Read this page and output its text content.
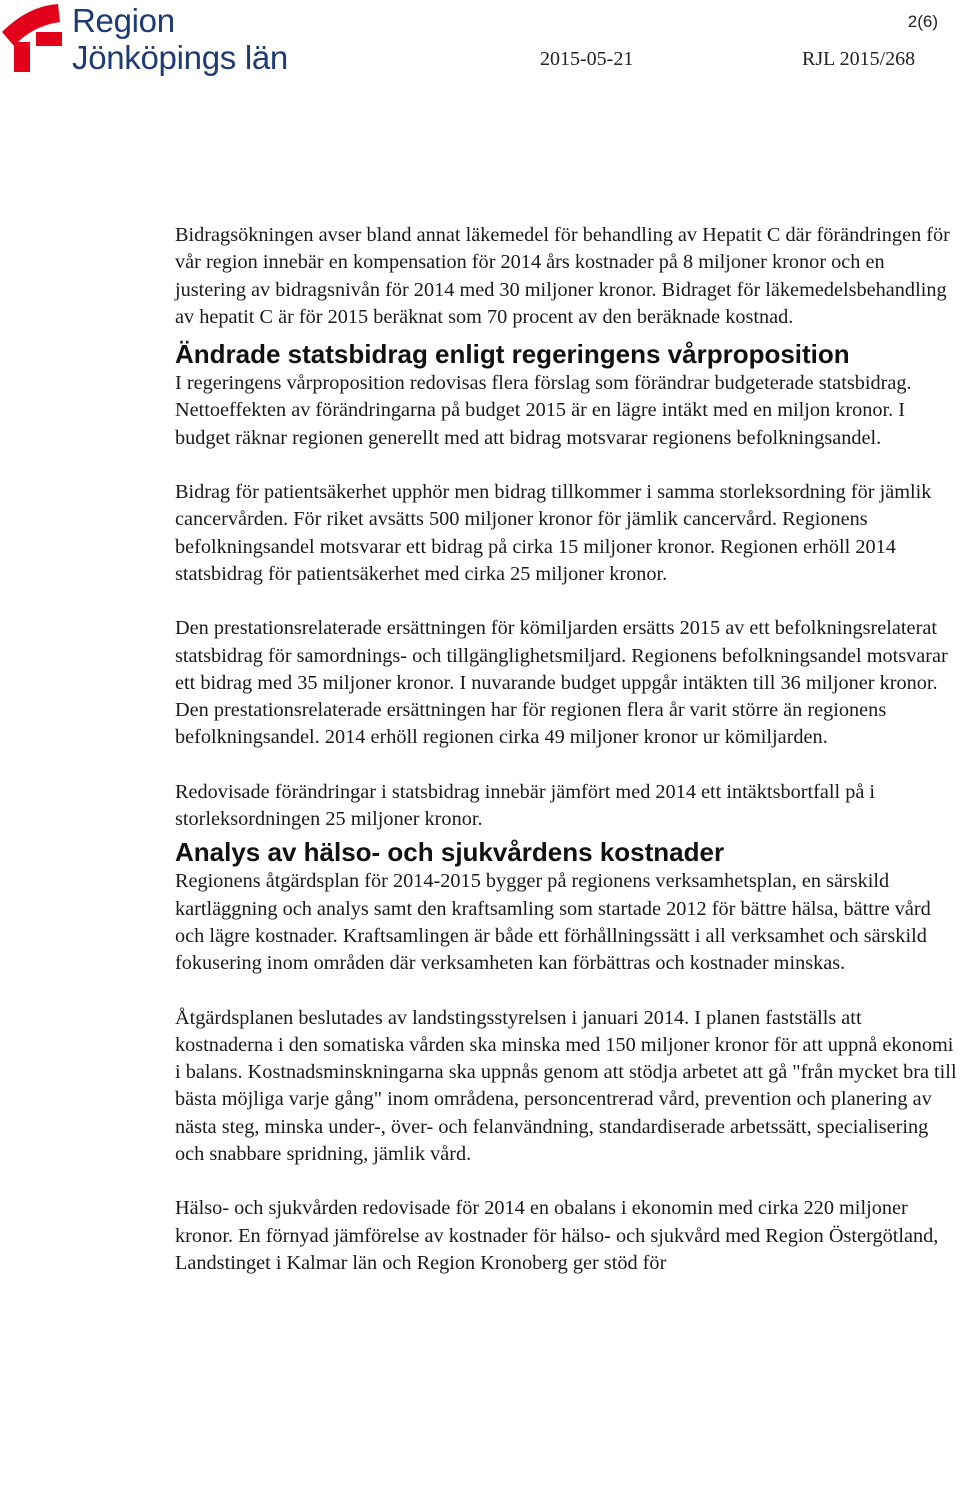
Region
Jönköpings län
2(6)
2015-05-21	RJL 2015/268

Bidragsökningen avser bland annat läkemedel för behandling av Hepatit C där förändringen för vår region innebär en kompensation för 2014 års kostnader på 8 miljoner kronor och en justering av bidragsnivån för 2014 med 30 miljoner kronor. Bidraget för läkemedelsbehandling av hepatit C är för 2015 beräknat som 70 procent av den beräknade kostnad.

Ändrade statsbidrag enligt regeringens vårproposition

I regeringens vårproposition redovisas flera förslag som förändrar budgeterade statsbidrag. Nettoeffekten av förändringarna på budget 2015 är en lägre intäkt med en miljon kronor. I budget räknar regionen generellt med att bidrag motsvarar regionens befolkningsandel.

Bidrag för patientsäkerhet upphör men bidrag tillkommer i samma storleksordning för jämlik cancervården. För riket avsätts 500 miljoner kronor för jämlik cancervård. Regionens befolkningsandel motsvarar ett bidrag på cirka 15 miljoner kronor. Regionen erhöll 2014 statsbidrag för patientsäkerhet med cirka 25 miljoner kronor.

Den prestationsrelaterade ersättningen för kömiljarden ersätts 2015 av ett befolkningsrelaterat statsbidrag för samordnings- och tillgänglighetsmiljard. Regionens befolkningsandel motsvarar ett bidrag med 35 miljoner kronor. I nuvarande budget uppgår intäkten till 36 miljoner kronor. Den prestationsrelaterade ersättningen har för regionen flera år varit större än regionens befolkningsandel. 2014 erhöll regionen cirka 49 miljoner kronor ur kömiljarden.

Redovisade förändringar i statsbidrag innebär jämfört med 2014 ett intäktsbortfall på i storleksordningen 25 miljoner kronor.

Analys av hälso- och sjukvårdens kostnader

Regionens åtgärdsplan för 2014-2015 bygger på regionens verksamhetsplan, en särskild kartläggning och analys samt den kraftsamling som startade 2012 för bättre hälsa, bättre vård och lägre kostnader. Kraftsamlingen är både ett förhållningssätt i all verksamhet och särskild fokusering inom områden där verksamheten kan förbättras och kostnader minskas.

Åtgärdsplanen beslutades av landstingsstyrelsen i januari 2014. I planen fastställs att kostnaderna i den somatiska vården ska minska med 150 miljoner kronor för att uppnå ekonomi i balans. Kostnadsminskningarna ska uppnås genom att stödja arbetet att gå "från mycket bra till bästa möjliga varje gång" inom områdena, personcentrerad vård, prevention och planering av nästa steg, minska under-, över- och felanvändning, standardiserade arbetssätt, specialisering och snabbare spridning, jämlik vård.

Hälso- och sjukvården redovisade för 2014 en obalans i ekonomin med cirka 220 miljoner kronor. En förnyad jämförelse av kostnader för hälso- och sjukvård med Region Östergötland, Landstinget i Kalmar län och Region Kronoberg ger stöd för
